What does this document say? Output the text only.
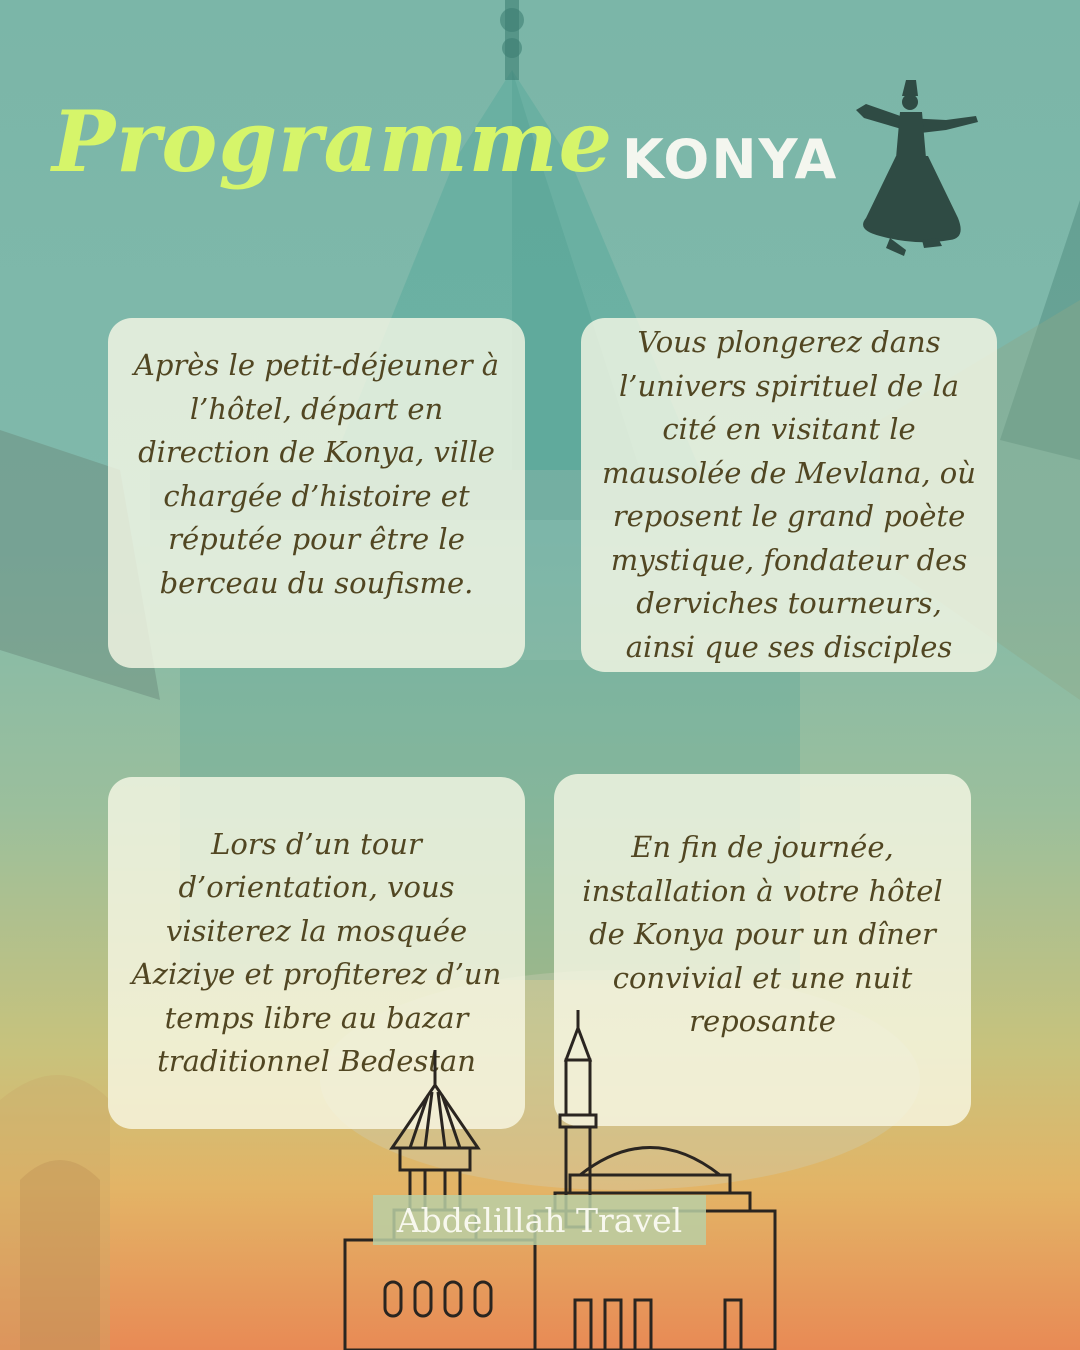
Programme KONYA

Après le petit-déjeuner à l’hôtel, départ en direction de Konya, ville chargée d’histoire et réputée pour être le berceau du soufisme.

Vous plongerez dans l’univers spirituel de la cité en visitant le mausolée de Mevlana, où reposent le grand poète mystique, fondateur des derviches tourneurs, ainsi que ses disciples

Lors d’un tour d’orientation, vous visiterez la mosquée Aziziye et profiterez d’un temps libre au bazar traditionnel Bedestan

En fin de journée, installation à votre hôtel de Konya pour un dîner convivial et une nuit reposante

Abdelillah Travel
